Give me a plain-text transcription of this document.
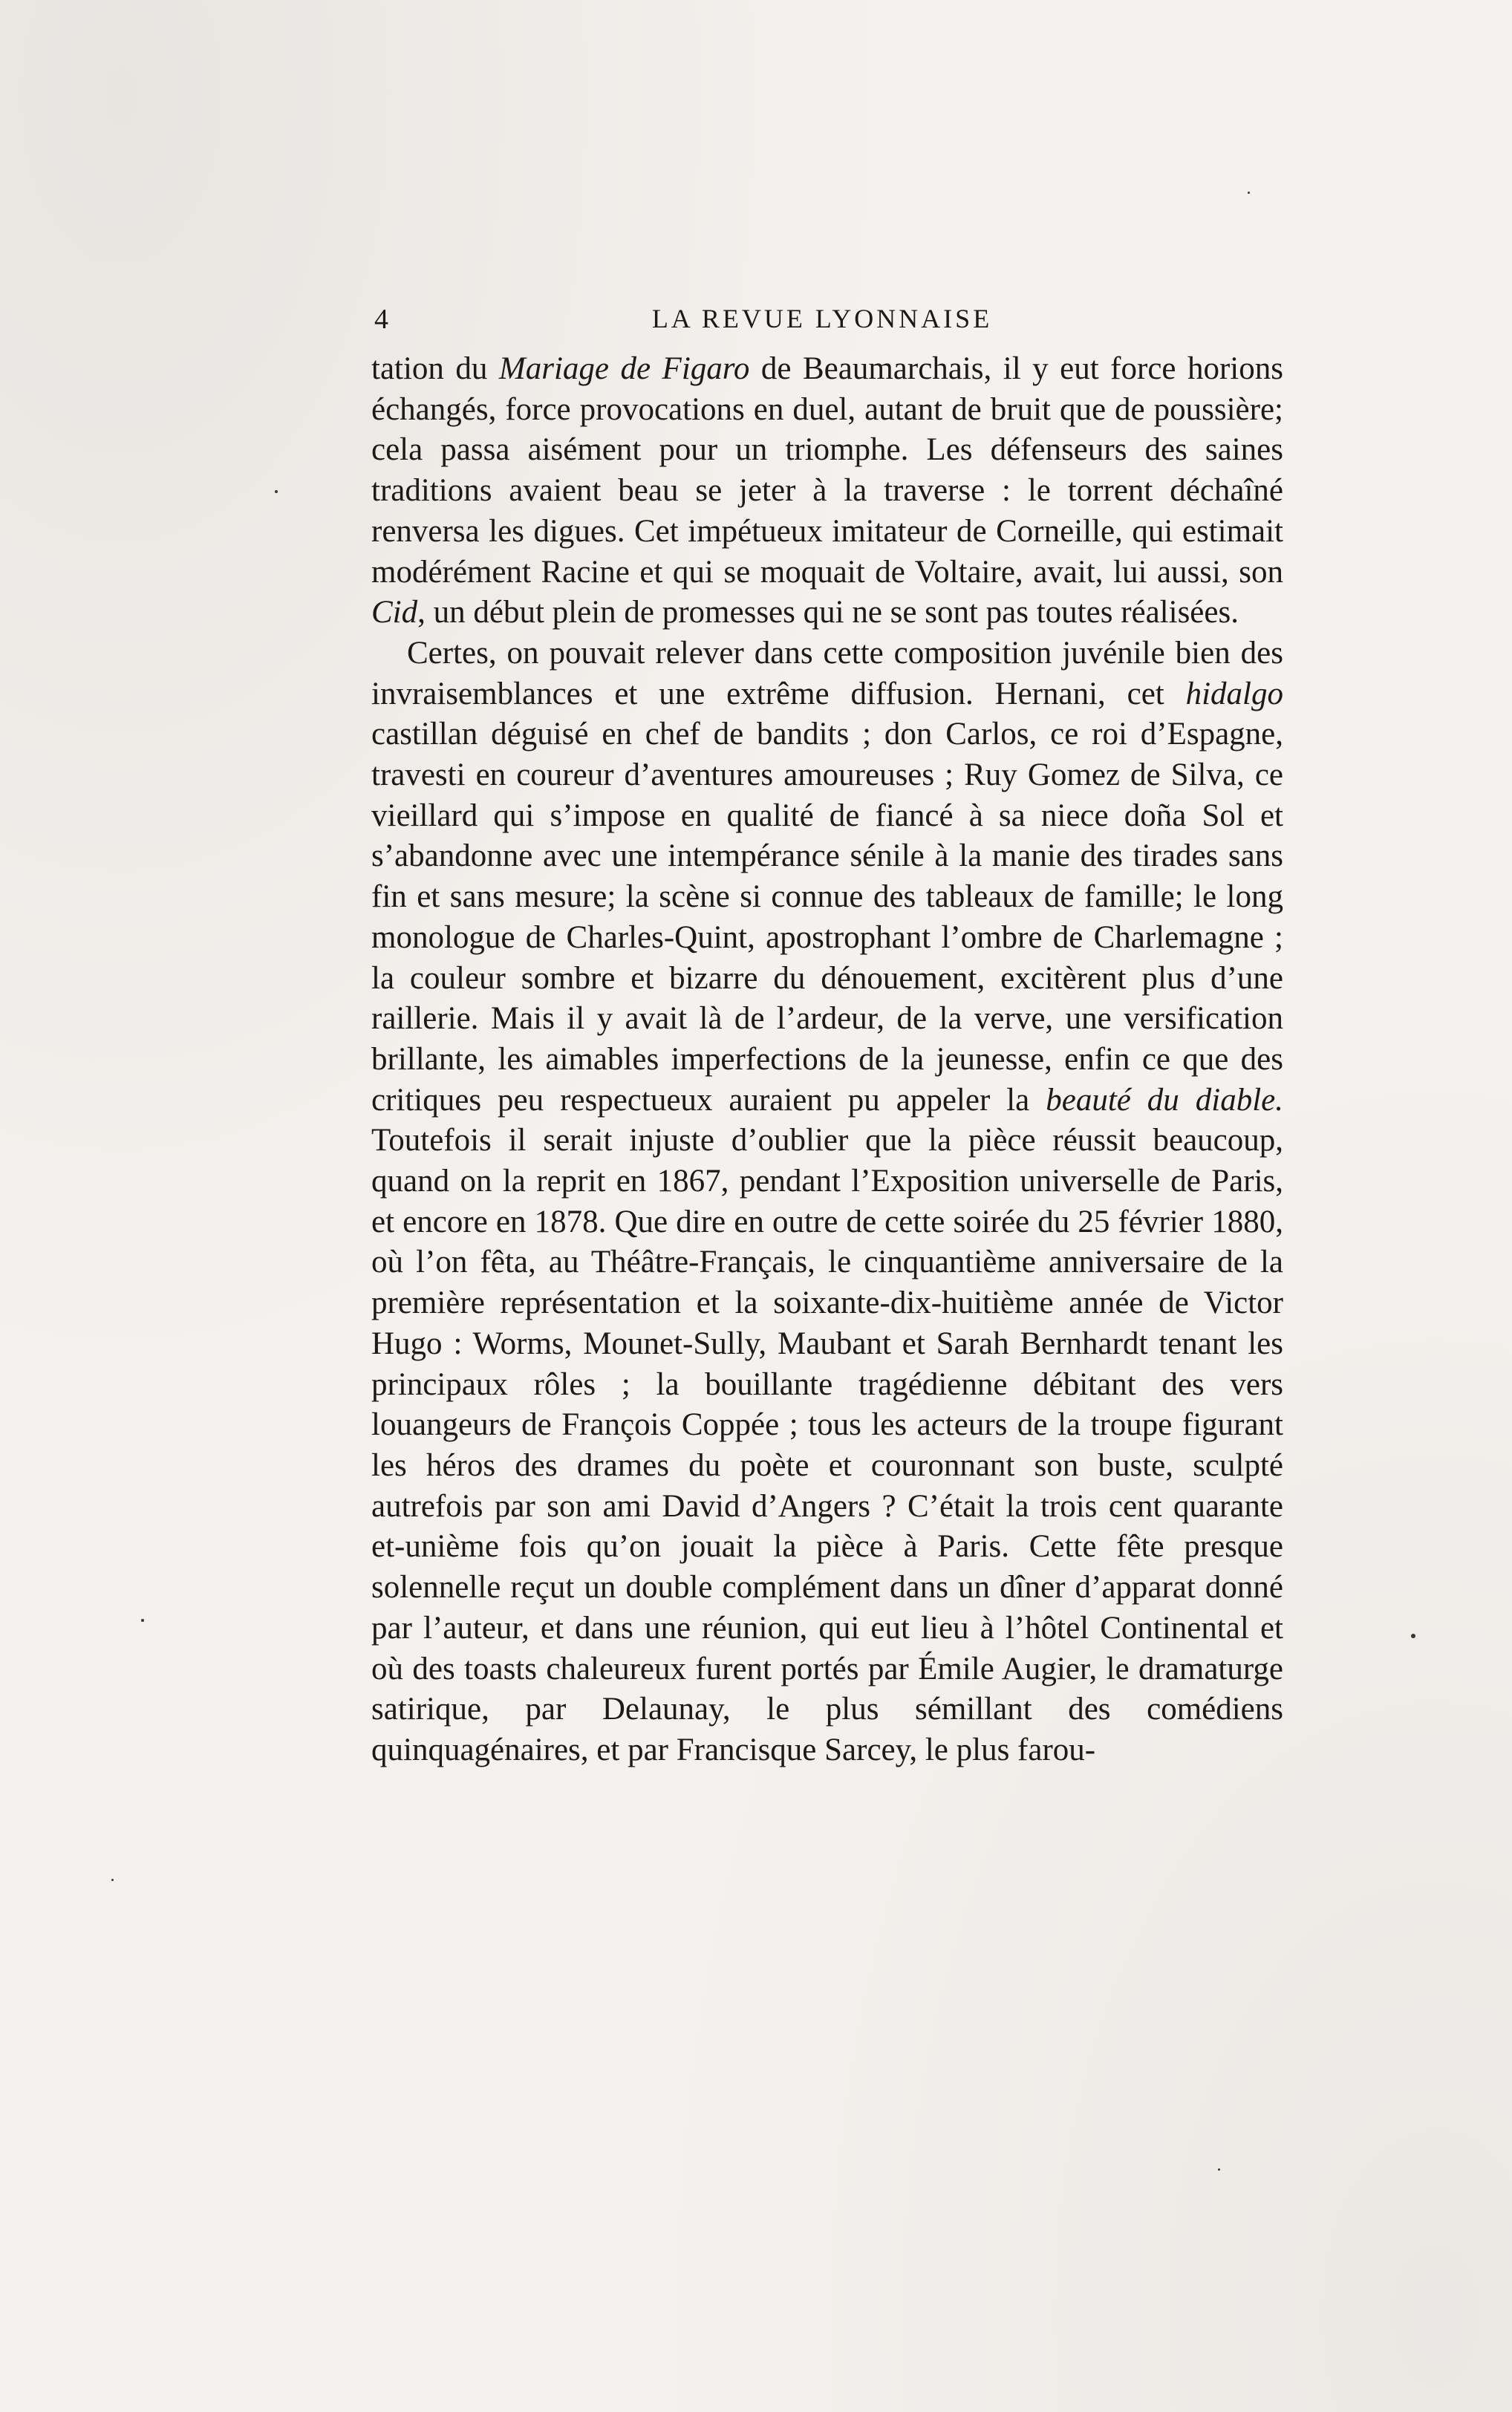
4	LA REVUE LYONNAISE

tation du Mariage de Figaro de Beaumarchais, il y eut force horions échangés, force provocations en duel, autant de bruit que de poussière; cela passa aisément pour un triomphe. Les défenseurs des saines traditions avaient beau se jeter à la traverse : le torrent déchaîné renversa les digues. Cet impétueux imitateur de Corneille, qui estimait modérément Racine et qui se moquait de Voltaire, avait, lui aussi, son Cid, un début plein de promesses qui ne se sont pas toutes réalisées.

Certes, on pouvait relever dans cette composition juvénile bien des invraisemblances et une extrême diffusion. Hernani, cet hidalgo castillan déguisé en chef de bandits ; don Carlos, ce roi d’Espagne, travesti en coureur d’aventures amoureuses ; Ruy Gomez de Silva, ce vieillard qui s’impose en qualité de fiancé à sa niece doña Sol et s’abandonne avec une intempérance sénile à la manie des tirades sans fin et sans mesure; la scène si connue des tableaux de famille; le long monologue de Charles-Quint, apostrophant l’ombre de Charlemagne ; la couleur sombre et bizarre du dénouement, excitèrent plus d’une raillerie. Mais il y avait là de l’ardeur, de la verve, une versification brillante, les aimables imperfections de la jeunesse, enfin ce que des critiques peu respectueux auraient pu appeler la beauté du diable. Toutefois il serait injuste d’oublier que la pièce réussit beaucoup, quand on la reprit en 1867, pendant l’Exposition universelle de Paris, et encore en 1878. Que dire en outre de cette soirée du 25 février 1880, où l’on fêta, au Théâtre-Français, le cinquantième anniversaire de la première représentation et la soixante-dix-huitième année de Victor Hugo : Worms, Mounet-Sully, Maubant et Sarah Bernhardt tenant les principaux rôles ; la bouillante tragédienne débitant des vers louangeurs de François Coppée ; tous les acteurs de la troupe figurant les héros des drames du poète et couronnant son buste, sculpté autrefois par son ami David d’Angers ? C’était la trois cent quarante et-unième fois qu’on jouait la pièce à Paris. Cette fête presque solennelle reçut un double complément dans un dîner d’apparat donné par l’auteur, et dans une réunion, qui eut lieu à l’hôtel Continental et où des toasts chaleureux furent portés par Émile Augier, le dramaturge satirique, par Delaunay, le plus sémillant des comédiens quinquagénaires, et par Francisque Sarcey, le plus farou-
